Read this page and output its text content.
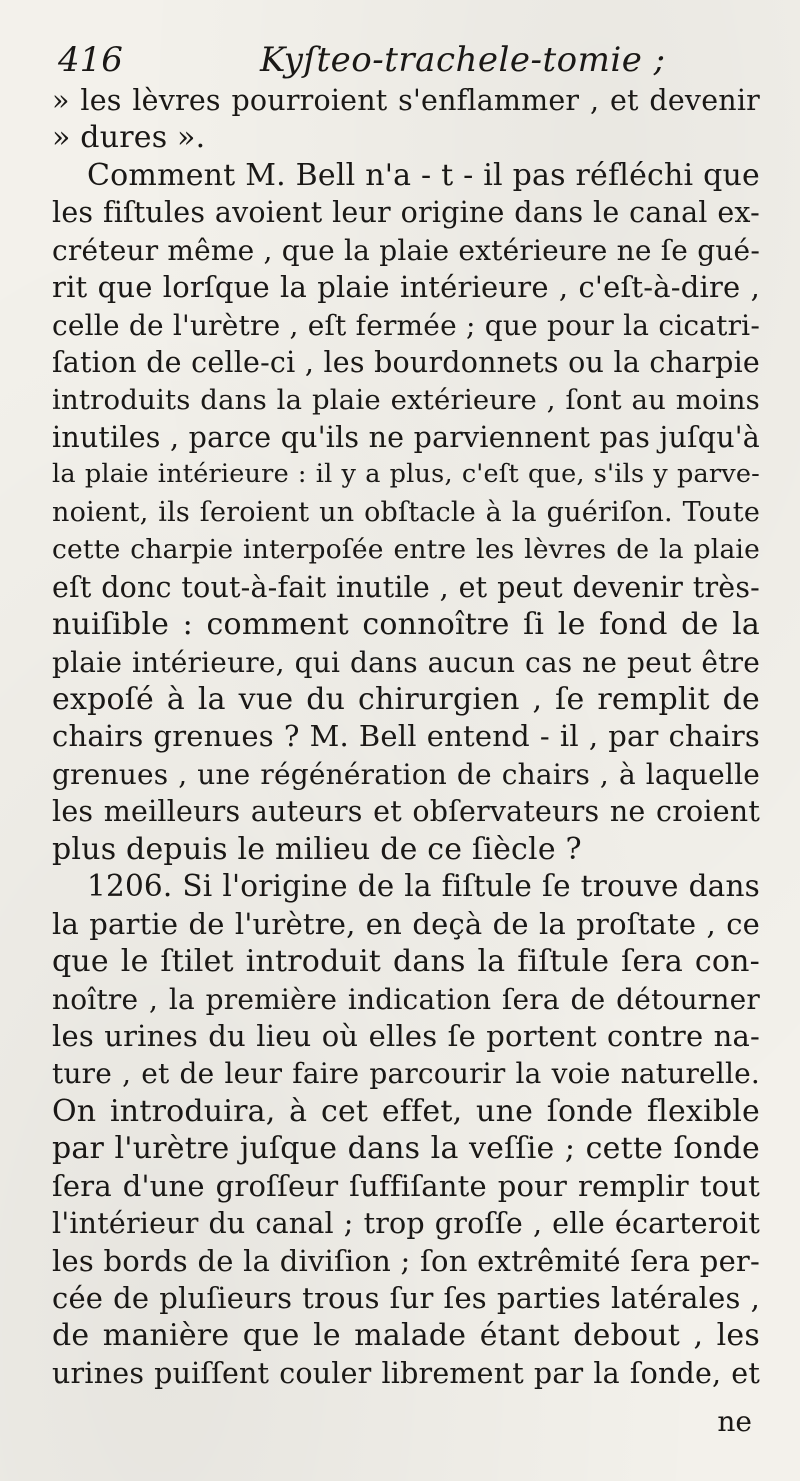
416	Kyſteo-trachele-tomie ;
» les lèvres pourroient s'enflammer , et devenir
» dures ».
Comment M. Bell n'a - t - il pas réfléchi que
les fiſtules avoient leur origine dans le canal ex-
créteur même , que la plaie extérieure ne ſe gué-
rit que lorſque la plaie intérieure , c'eſt-à-dire ,
celle de l'urètre , eſt fermée ; que pour la cicatri-
ſation de celle-ci , les bourdonnets ou la charpie
introduits dans la plaie extérieure , ſont au moins
inutiles , parce qu'ils ne parviennent pas juſqu'à
la plaie intérieure : il y a plus, c'eſt que, s'ils y parve-
noient, ils ſeroient un obſtacle à la guériſon. Toute
cette charpie interpoſée entre les lèvres de la plaie
eſt donc tout-à-fait inutile , et peut devenir très-
nuiſible : comment connoître ſi le fond de la
plaie intérieure, qui dans aucun cas ne peut être
expoſé à la vue du chirurgien , ſe remplit de
chairs grenues ? M. Bell entend - il , par chairs
grenues , une régénération de chairs , à laquelle
les meilleurs auteurs et obſervateurs ne croient
plus depuis le milieu de ce ſiècle ?
1206. Si l'origine de la fiſtule ſe trouve dans
la partie de l'urètre, en deçà de la proſtate , ce
que le ſtilet introduit dans la fiſtule ſera con-
noître , la première indication ſera de détourner
les urines du lieu où elles ſe portent contre na-
ture , et de leur faire parcourir la voie naturelle.
On introduira, à cet effet, une ſonde flexible
par l'urètre juſque dans la veſſie ; cette ſonde
ſera d'une groſſeur ſuffiſante pour remplir tout
l'intérieur du canal ; trop groſſe , elle écarteroit
les bords de la diviſion ; ſon extrêmité ſera per-
cée de pluſieurs trous ſur ſes parties latérales ,
de manière que le malade étant debout , les
urines puiſſent couler librement par la ſonde, et
ne
